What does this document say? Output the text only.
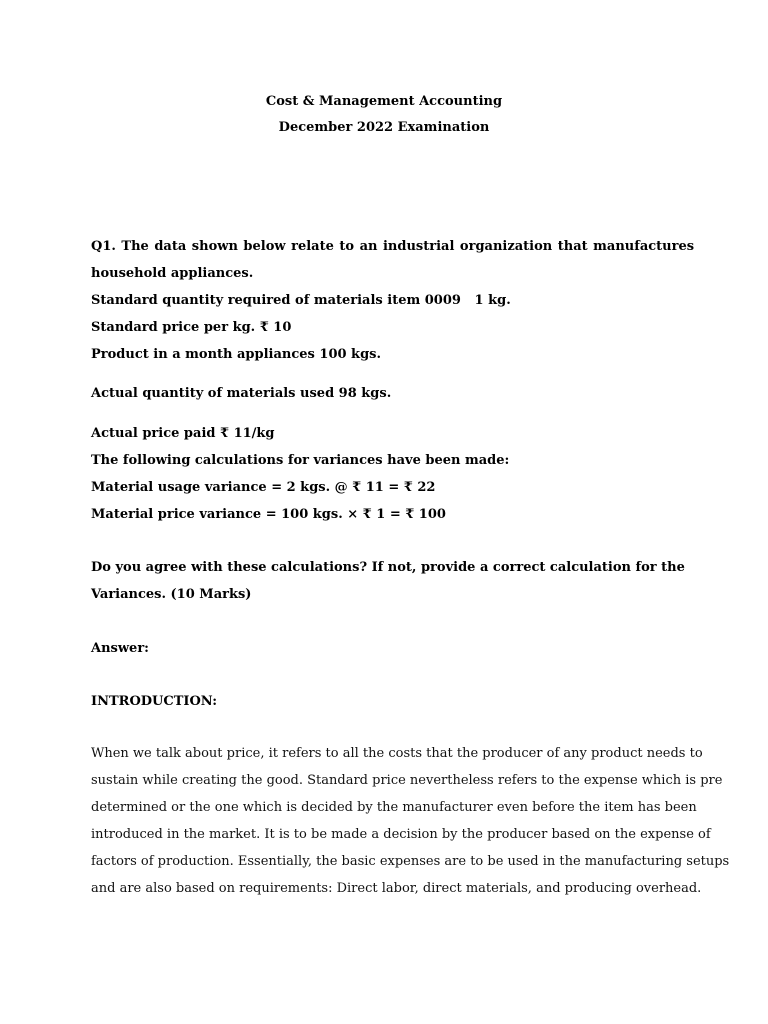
Cost & Management Accounting
December 2022 Examination
Q1. The data shown below relate to an industrial organization that manufactures
household appliances.
Standard quantity required of materials item 0009   1 kg.
Standard price per kg. ₹ 10
Product in a month appliances 100 kgs.
Actual quantity of materials used 98 kgs.
Actual price paid ₹ 11/kg
The following calculations for variances have been made:
Material usage variance = 2 kgs. @ ₹ 11 = ₹ 22
Material price variance = 100 kgs. × ₹ 1 = ₹ 100
Do you agree with these calculations? If not, provide a correct calculation for the
Variances. (10 Marks)
Answer:
INTRODUCTION:
When we talk about price, it refers to all the costs that the producer of any product needs to
sustain while creating the good. Standard price nevertheless refers to the expense which is pre
determined or the one which is decided by the manufacturer even before the item has been
introduced in the market. It is to be made a decision by the producer based on the expense of
factors of production. Essentially, the basic expenses are to be used in the manufacturing setups
and are also based on requirements: Direct labor, direct materials, and producing overhead.
